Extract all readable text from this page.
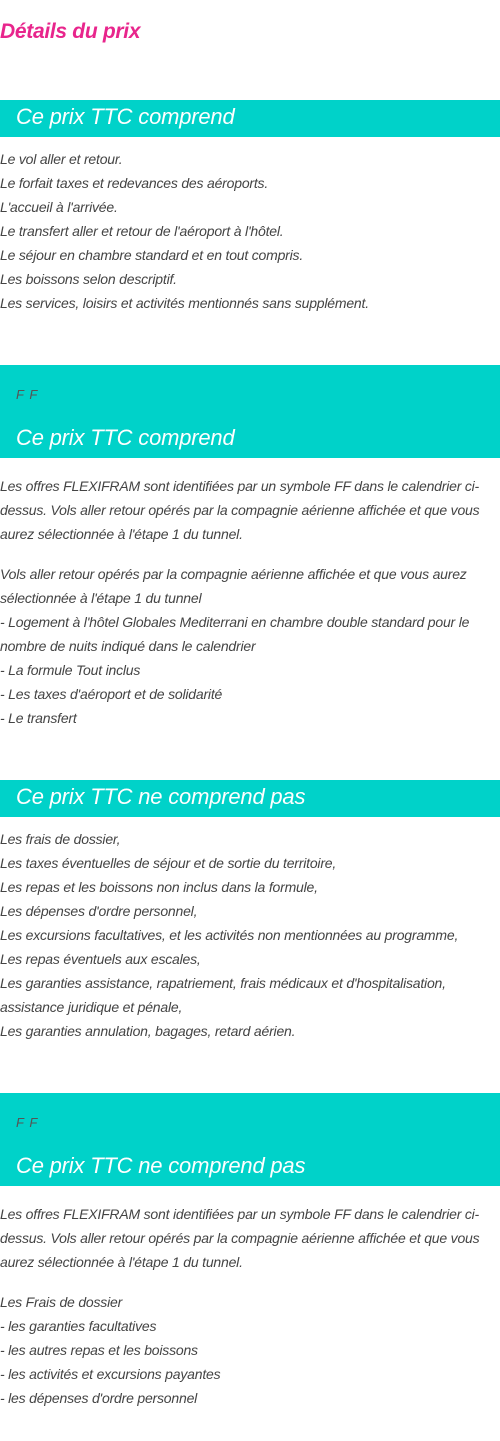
Détails du prix
Ce prix TTC comprend
Le vol aller et retour.
Le forfait taxes et redevances des aéroports.
L'accueil à l'arrivée.
Le transfert aller et retour de l'aéroport à l'hôtel.
Le séjour en chambre standard et en tout compris.
Les boissons selon descriptif.
Les services, loisirs et activités mentionnés sans supplément.
F F
Ce prix TTC comprend

Les offres FLEXIFRAM sont identifiées par un symbole FF dans le calendrier ci-dessus. Vols aller retour opérés par la compagnie aérienne affichée et que vous aurez sélectionnée à l'étape 1 du tunnel.

Vols aller retour opérés par la compagnie aérienne affichée et que vous aurez sélectionnée à l'étape 1 du tunnel

- Logement à l'hôtel Globales Mediterrani en chambre double standard pour le nombre de nuits indiqué dans le calendrier

- La formule Tout inclus
- Les taxes d'aéroport et de solidarité
- Le transfert
Ce prix TTC ne comprend pas
Les frais de dossier,
Les taxes éventuelles de séjour et de sortie du territoire,
Les repas et les boissons non inclus dans la formule,
Les dépenses d'ordre personnel,
Les excursions facultatives, et les activités non mentionnées au programme,
Les repas éventuels aux escales,

Les garanties assistance, rapatriement, frais médicaux et d'hospitalisation, assistance juridique et pénale,

Les garanties annulation, bagages, retard aérien.
F F
Ce prix TTC ne comprend pas

Les offres FLEXIFRAM sont identifiées par un symbole FF dans le calendrier ci-dessus. Vols aller retour opérés par la compagnie aérienne affichée et que vous aurez sélectionnée à l'étape 1 du tunnel.

Les Frais de dossier

- les garanties facultatives
- les autres repas et les boissons
- les activités et excursions payantes
- les dépenses d'ordre personnel
